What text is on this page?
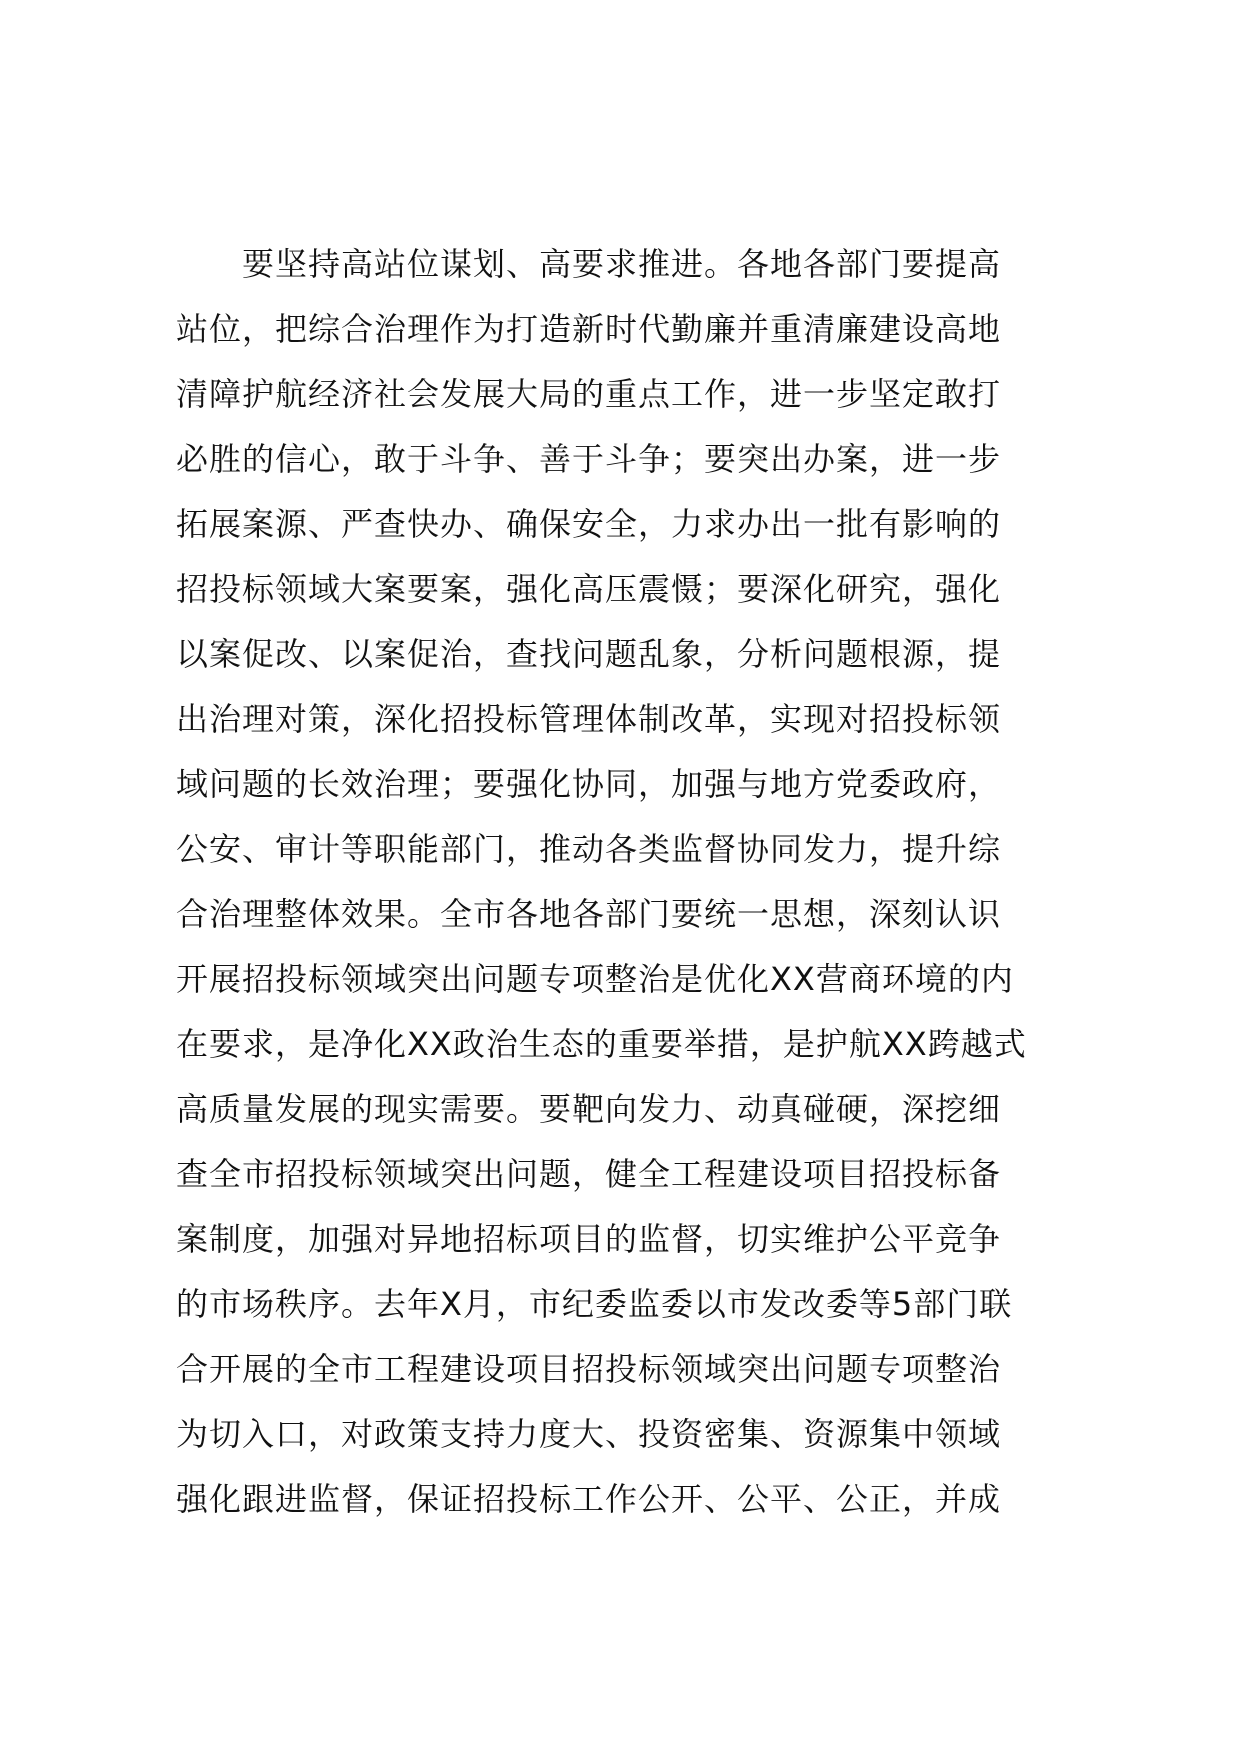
要坚持高站位谋划、高要求推进。各地各部门要提高
站位，把综合治理作为打造新时代勤廉并重清廉建设高地
清障护航经济社会发展大局的重点工作，进一步坚定敢打
必胜的信心，敢于斗争、善于斗争；要突出办案，进一步
拓展案源、严查快办、确保安全，力求办出一批有影响的
招投标领域大案要案，强化高压震慑；要深化研究，强化
以案促改、以案促治，查找问题乱象，分析问题根源，提
出治理对策，深化招投标管理体制改革，实现对招投标领
域问题的长效治理；要强化协同，加强与地方党委政府，
公安、审计等职能部门，推动各类监督协同发力，提升综
合治理整体效果。全市各地各部门要统一思想，深刻认识
开展招投标领域突出问题专项整治是优化XX营商环境的内
在要求，是净化XX政治生态的重要举措，是护航XX跨越式
高质量发展的现实需要。要靶向发力、动真碰硬，深挖细
查全市招投标领域突出问题，健全工程建设项目招投标备
案制度，加强对异地招标项目的监督，切实维护公平竞争
的市场秩序。去年X月，市纪委监委以市发改委等5部门联
合开展的全市工程建设项目招投标领域突出问题专项整治
为切入口，对政策支持力度大、投资密集、资源集中领域
强化跟进监督，保证招投标工作公开、公平、公正，并成
